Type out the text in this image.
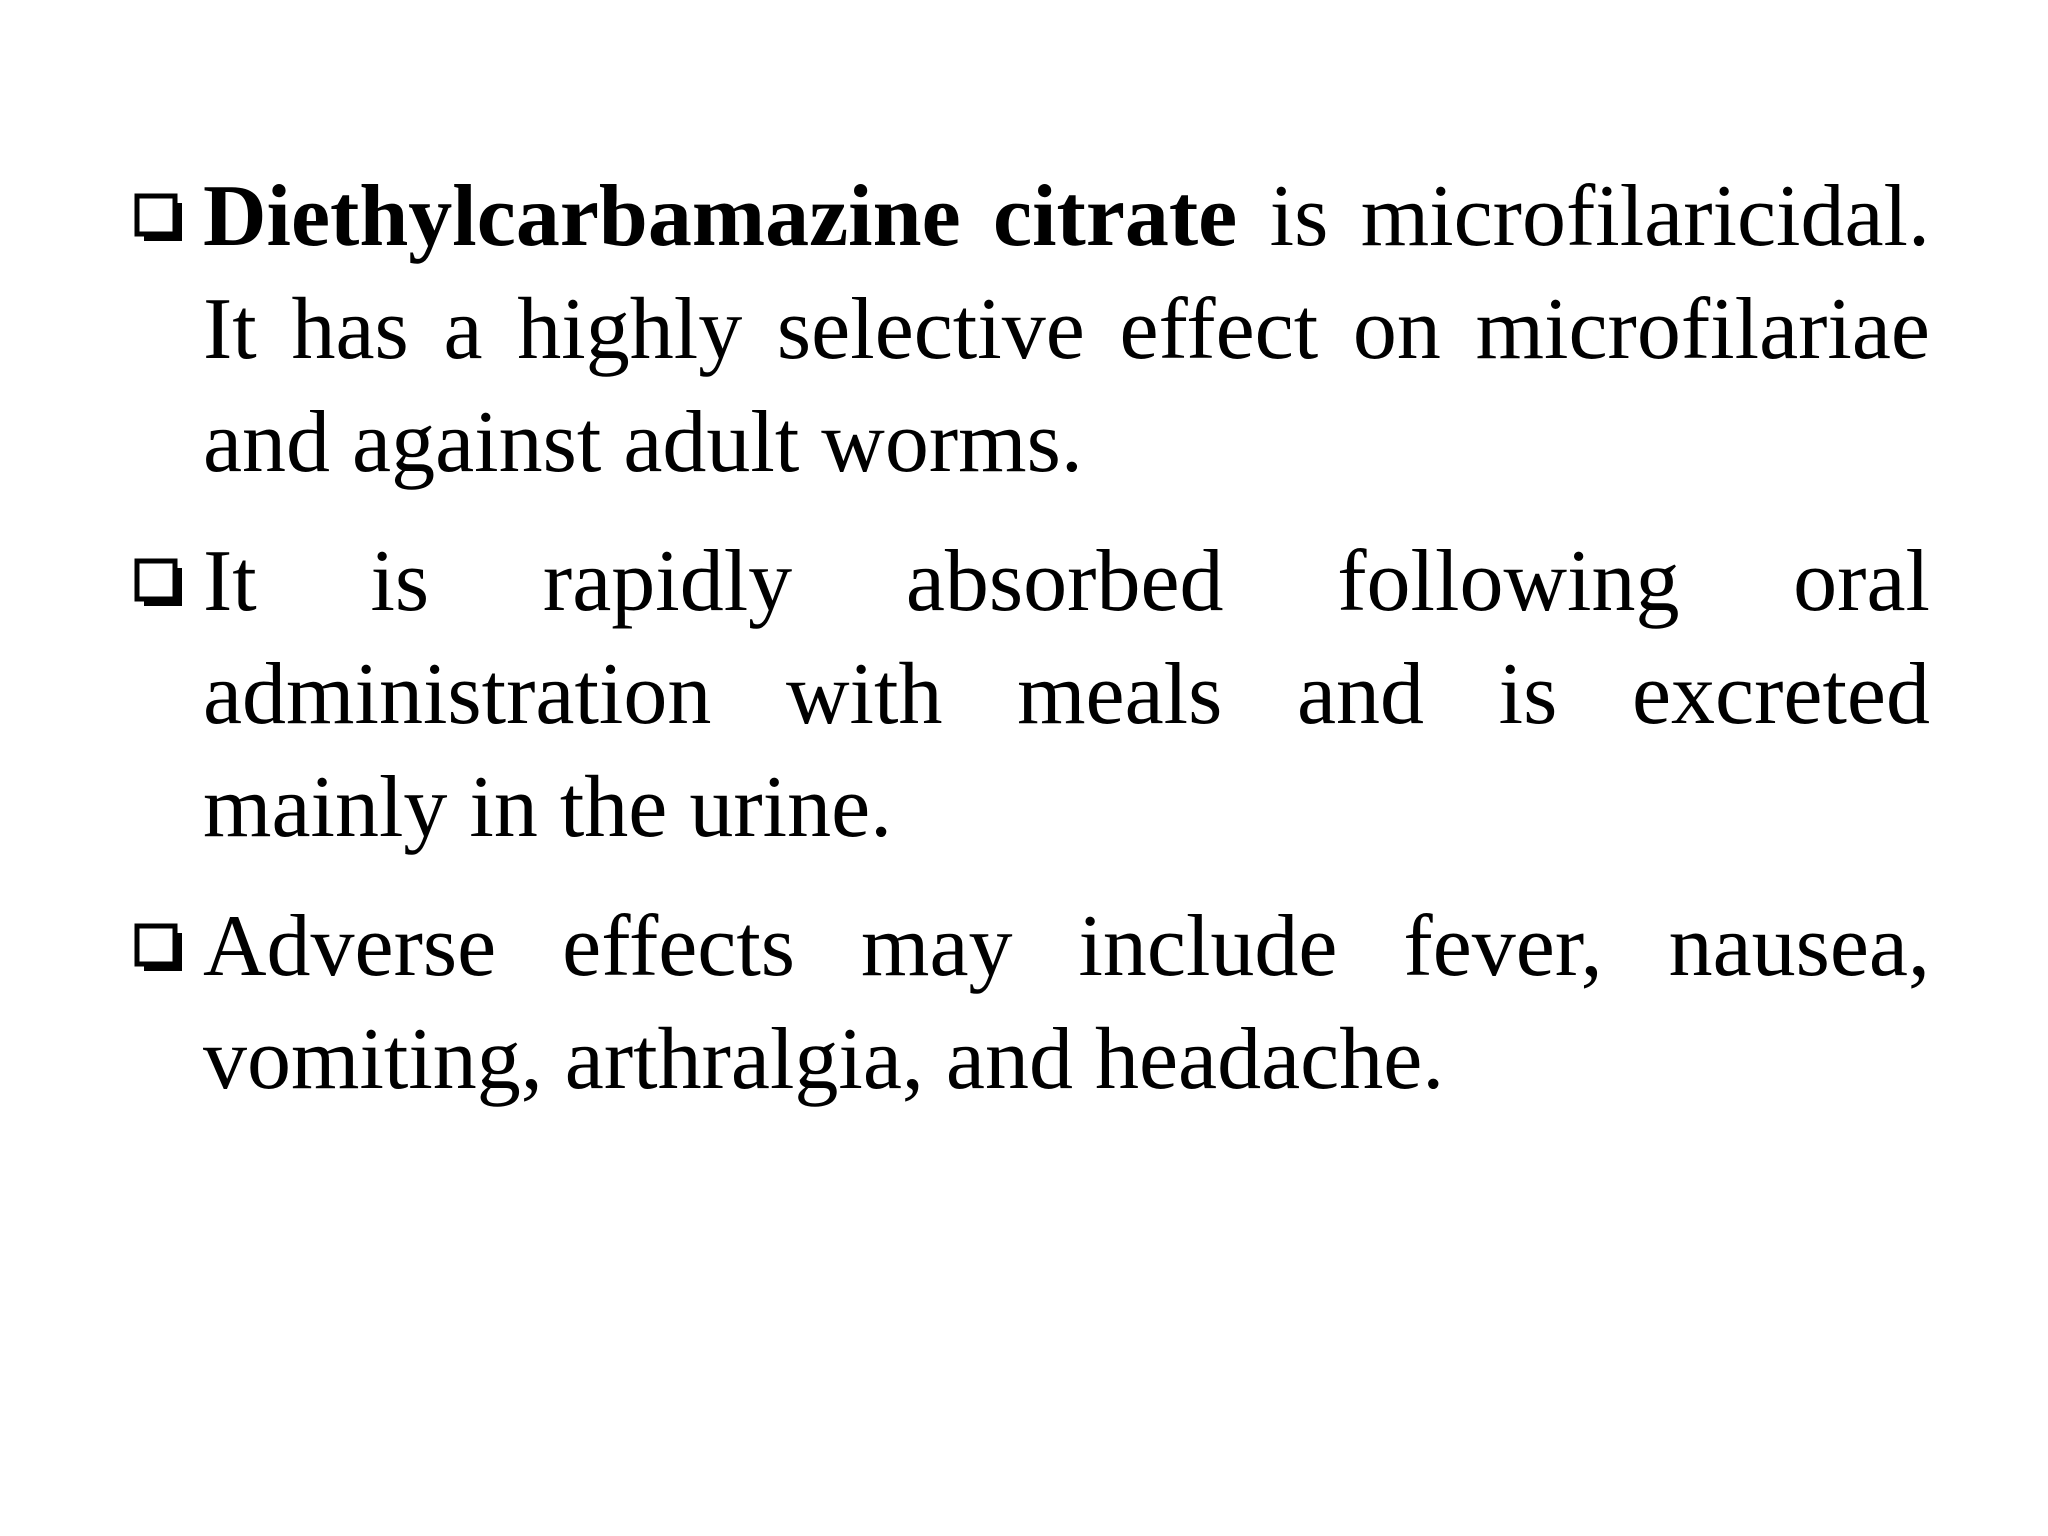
Diethylcarbamazine citrate is microfilaricidal. It has a highly selective effect on microfilariae and against adult worms.
It is rapidly absorbed following oral administration with meals and is excreted mainly in the urine.
Adverse effects may include fever, nausea, vomiting, arthralgia, and headache.
